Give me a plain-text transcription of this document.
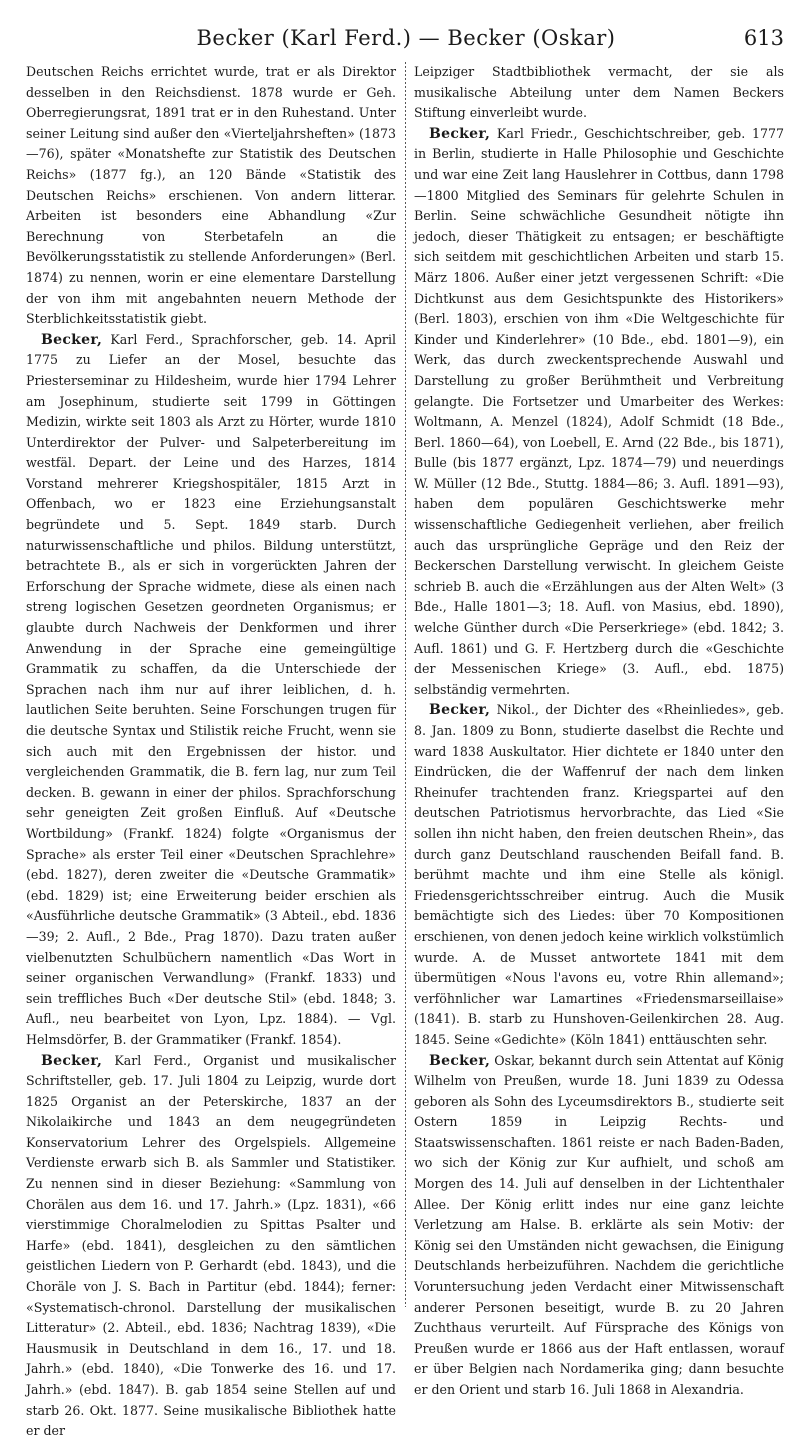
Becker (Karl Ferd.) — Becker (Oskar)	613

Deutschen Reichs errichtet wurde, trat er als Direktor desselben in den Reichsdienst. 1878 wurde er Geh. Oberregierungsrat, 1891 trat er in den Ruhestand. Unter seiner Leitung sind außer den «Vierteljahrsheften» (1873—76), später «Monatshefte zur Statistik des Deutschen Reichs» (1877 fg.), an 120 Bände «Statistik des Deutschen Reichs» erschienen. Von andern litterar. Arbeiten ist besonders eine Abhandlung «Zur Berechnung von Sterbetafeln an die Bevölkerungsstatistik zu stellende Anforderungen» (Berl. 1874) zu nennen, worin er eine elementare Darstellung der von ihm mit angebahnten neuern Methode der Sterblichkeitsstatistik giebt.

Becker, Karl Ferd., Sprachforscher, geb. 14. April 1775 zu Liefer an der Mosel, besuchte das Priesterseminar zu Hildesheim, wurde hier 1794 Lehrer am Josephinum, studierte seit 1799 in Göttingen Medizin, wirkte seit 1803 als Arzt zu Hörter, wurde 1810 Unterdirektor der Pulver- und Salpeterbereitung im westfäl. Depart. der Leine und des Harzes, 1814 Vorstand mehrerer Kriegshospitäler, 1815 Arzt in Offenbach, wo er 1823 eine Erziehungsanstalt begründete und 5. Sept. 1849 starb. Durch naturwissenschaftliche und philos. Bildung unterstützt, betrachtete B., als er sich in vorgerückten Jahren der Erforschung der Sprache widmete, diese als einen nach streng logischen Gesetzen geordneten Organismus; er glaubte durch Nachweis der Denkformen und ihrer Anwendung in der Sprache eine gemeingültige Grammatik zu schaffen, da die Unterschiede der Sprachen nach ihm nur auf ihrer leiblichen, d. h. lautlichen Seite beruhten. Seine Forschungen trugen für die deutsche Syntax und Stilistik reiche Frucht, wenn sie sich auch mit den Ergebnissen der histor. und vergleichenden Grammatik, die B. fern lag, nur zum Teil decken. B. gewann in einer der philos. Sprachforschung sehr geneigten Zeit großen Einfluß. Auf «Deutsche Wortbildung» (Frankf. 1824) folgte «Organismus der Sprache» als erster Teil einer «Deutschen Sprachlehre» (ebd. 1827), deren zweiter die «Deutsche Grammatik» (ebd. 1829) ist; eine Erweiterung beider erschien als «Ausführliche deutsche Grammatik» (3 Abteil., ebd. 1836—39; 2. Aufl., 2 Bde., Prag 1870). Dazu traten außer vielbenutzten Schulbüchern namentlich «Das Wort in seiner organischen Verwandlung» (Frankf. 1833) und sein treffliches Buch «Der deutsche Stil» (ebd. 1848; 3. Aufl., neu bearbeitet von Lyon, Lpz. 1884). — Vgl. Helmsdörfer, B. der Grammatiker (Frankf. 1854).

Becker, Karl Ferd., Organist und musikalischer Schriftsteller, geb. 17. Juli 1804 zu Leipzig, wurde dort 1825 Organist an der Peterskirche, 1837 an der Nikolaikirche und 1843 an dem neugegründeten Konservatorium Lehrer des Orgelspiels. Allgemeine Verdienste erwarb sich B. als Sammler und Statistiker. Zu nennen sind in dieser Beziehung: «Sammlung von Chorälen aus dem 16. und 17. Jahrh.» (Lpz. 1831), «66 vierstimmige Choralmelodien zu Spittas Psalter und Harfe» (ebd. 1841), desgleichen zu den sämtlichen geistlichen Liedern von P. Gerhardt (ebd. 1843), und die Choräle von J. S. Bach in Partitur (ebd. 1844); ferner: «Systematisch-chronol. Darstellung der musikalischen Litteratur» (2. Abteil., ebd. 1836; Nachtrag 1839), «Die Hausmusik in Deutschland in dem 16., 17. und 18. Jahrh.» (ebd. 1840), «Die Tonwerke des 16. und 17. Jahrh.» (ebd. 1847). B. gab 1854 seine Stellen auf und starb 26. Okt. 1877. Seine musikalische Bibliothek hatte er der

Leipziger Stadtbibliothek vermacht, der sie als musikalische Abteilung unter dem Namen Beckers Stiftung einverleibt wurde.

Becker, Karl Friedr., Geschichtschreiber, geb. 1777 in Berlin, studierte in Halle Philosophie und Geschichte und war eine Zeit lang Hauslehrer in Cottbus, dann 1798—1800 Mitglied des Seminars für gelehrte Schulen in Berlin. Seine schwächliche Gesundheit nötigte ihn jedoch, dieser Thätigkeit zu entsagen; er beschäftigte sich seitdem mit geschichtlichen Arbeiten und starb 15. März 1806. Außer einer jetzt vergessenen Schrift: «Die Dichtkunst aus dem Gesichtspunkte des Historikers» (Berl. 1803), erschien von ihm «Die Weltgeschichte für Kinder und Kinderlehrer» (10 Bde., ebd. 1801—9), ein Werk, das durch zweckentsprechende Auswahl und Darstellung zu großer Berühmtheit und Verbreitung gelangte. Die Fortsetzer und Umarbeiter des Werkes: Woltmann, A. Menzel (1824), Adolf Schmidt (18 Bde., Berl. 1860—64), von Loebell, E. Arnd (22 Bde., bis 1871), Bulle (bis 1877 ergänzt, Lpz. 1874—79) und neuerdings W. Müller (12 Bde., Stuttg. 1884—86; 3. Aufl. 1891—93), haben dem populären Geschichtswerke mehr wissenschaftliche Gediegenheit verliehen, aber freilich auch das ursprüngliche Gepräge und den Reiz der Beckerschen Darstellung verwischt. In gleichem Geiste schrieb B. auch die «Erzählungen aus der Alten Welt» (3 Bde., Halle 1801—3; 18. Aufl. von Masius, ebd. 1890), welche Günther durch «Die Perserkriege» (ebd. 1842; 3. Aufl. 1861) und G. F. Hertzberg durch die «Geschichte der Messenischen Kriege» (3. Aufl., ebd. 1875) selbständig vermehrten.

Becker, Nikol., der Dichter des «Rheinliedes», geb. 8. Jan. 1809 zu Bonn, studierte daselbst die Rechte und ward 1838 Auskultator. Hier dichtete er 1840 unter den Eindrücken, die der Waffenruf der nach dem linken Rheinufer trachtenden franz. Kriegspartei auf den deutschen Patriotismus hervorbrachte, das Lied «Sie sollen ihn nicht haben, den freien deutschen Rhein», das durch ganz Deutschland rauschenden Beifall fand. B. berühmt machte und ihm eine Stelle als königl. Friedensgerichtsschreiber eintrug. Auch die Musik bemächtigte sich des Liedes: über 70 Kompositionen erschienen, von denen jedoch keine wirklich volkstümlich wurde. A. de Musset antwortete 1841 mit dem übermütigen «Nous l'avons eu, votre Rhin allemand»; verföhnlicher war Lamartines «Friedensmarseillaise» (1841). B. starb zu Hunshoven-Geilenkirchen 28. Aug. 1845. Seine «Gedichte» (Köln 1841) enttäuschten sehr.

Becker, Oskar, bekannt durch sein Attentat auf König Wilhelm von Preußen, wurde 18. Juni 1839 zu Odessa geboren als Sohn des Lyceumsdirektors B., studierte seit Ostern 1859 in Leipzig Rechts- und Staatswissenschaften. 1861 reiste er nach Baden-Baden, wo sich der König zur Kur aufhielt, und schoß am Morgen des 14. Juli auf denselben in der Lichtenthaler Allee. Der König erlitt indes nur eine ganz leichte Verletzung am Halse. B. erklärte als sein Motiv: der König sei den Umständen nicht gewachsen, die Einigung Deutschlands herbeizuführen. Nachdem die gerichtliche Voruntersuchung jeden Verdacht einer Mitwissenschaft anderer Personen beseitigt, wurde B. zu 20 Jahren Zuchthaus verurteilt. Auf Fürsprache des Königs von Preußen wurde er 1866 aus der Haft entlassen, worauf er über Belgien nach Nordamerika ging; dann besuchte er den Orient und starb 16. Juli 1868 in Alexandria.
